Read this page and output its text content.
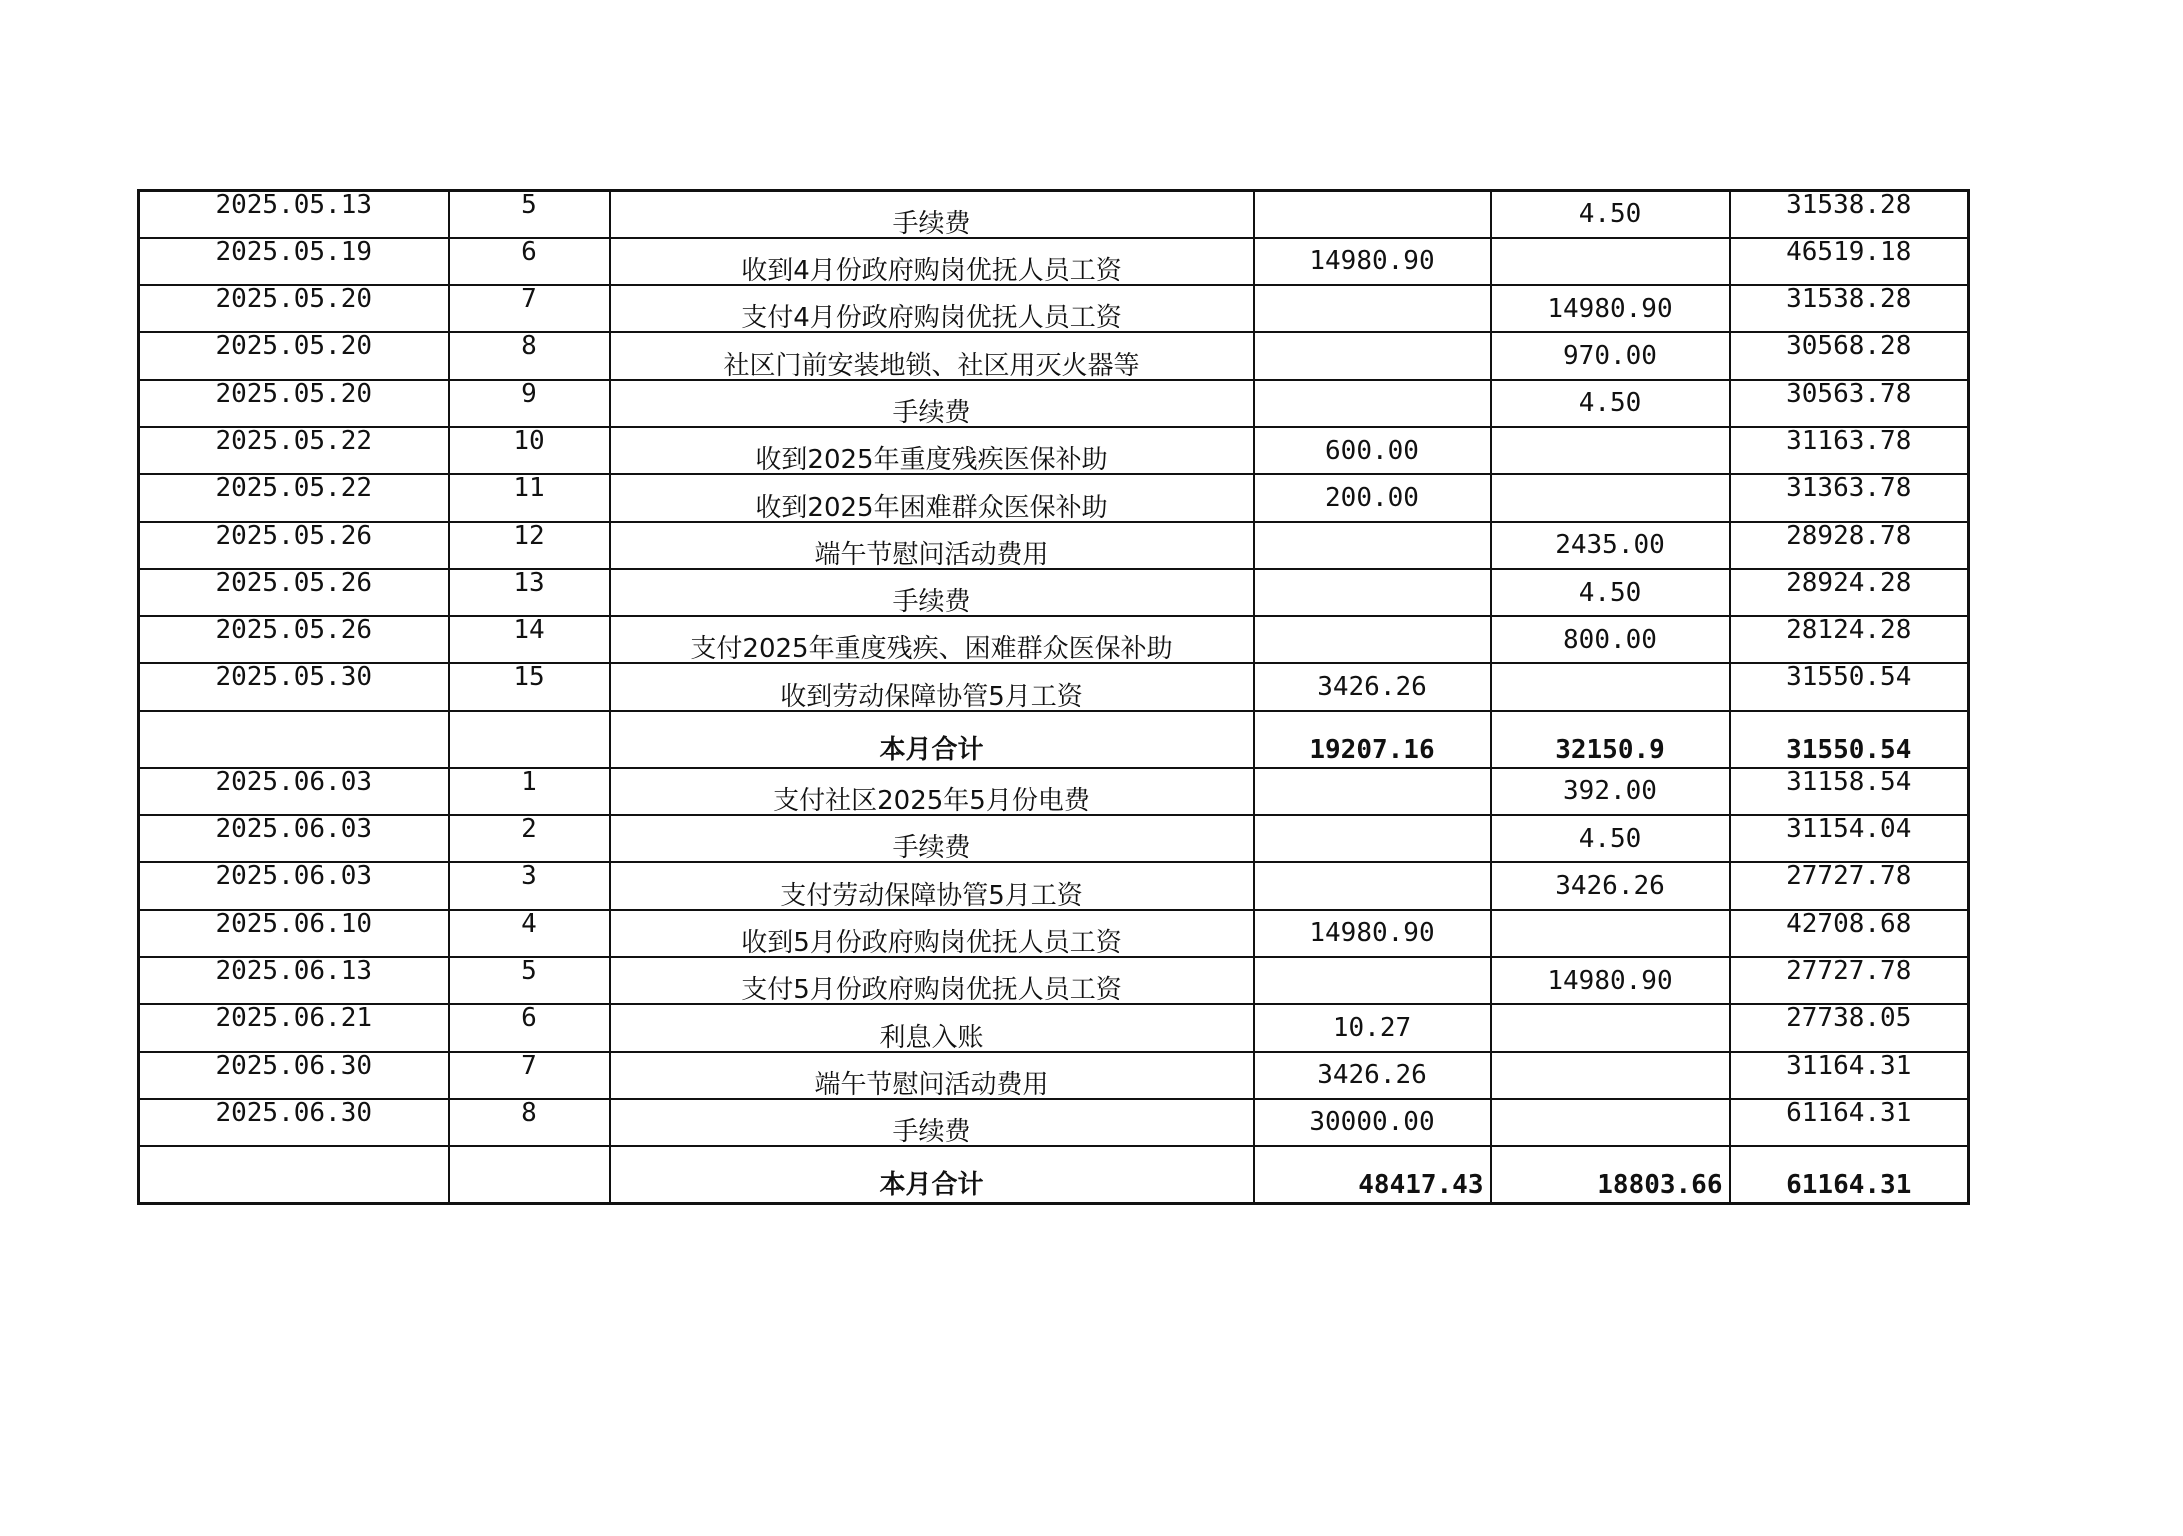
2025.05.13	5	手续费		4.50	31538.28
2025.05.19	6	收到4月份政府购岗优抚人员工资	14980.90		46519.18
2025.05.20	7	支付4月份政府购岗优抚人员工资		14980.90	31538.28
2025.05.20	8	社区门前安装地锁、社区用灭火器等		970.00	30568.28
2025.05.20	9	手续费		4.50	30563.78
2025.05.22	10	收到2025年重度残疾医保补助	600.00		31163.78
2025.05.22	11	收到2025年困难群众医保补助	200.00		31363.78
2025.05.26	12	端午节慰问活动费用		2435.00	28928.78
2025.05.26	13	手续费		4.50	28924.28
2025.05.26	14	支付2025年重度残疾、困难群众医保补助		800.00	28124.28
2025.05.30	15	收到劳动保障协管5月工资	3426.26		31550.54
		本月合计	19207.16	32150.9	31550.54
2025.06.03	1	支付社区2025年5月份电费		392.00	31158.54
2025.06.03	2	手续费		4.50	31154.04
2025.06.03	3	支付劳动保障协管5月工资		3426.26	27727.78
2025.06.10	4	收到5月份政府购岗优抚人员工资	14980.90		42708.68
2025.06.13	5	支付5月份政府购岗优抚人员工资		14980.90	27727.78
2025.06.21	6	利息入账	10.27		27738.05
2025.06.30	7	端午节慰问活动费用	3426.26		31164.31
2025.06.30	8	手续费	30000.00		61164.31
		本月合计	48417.43	18803.66	61164.31
